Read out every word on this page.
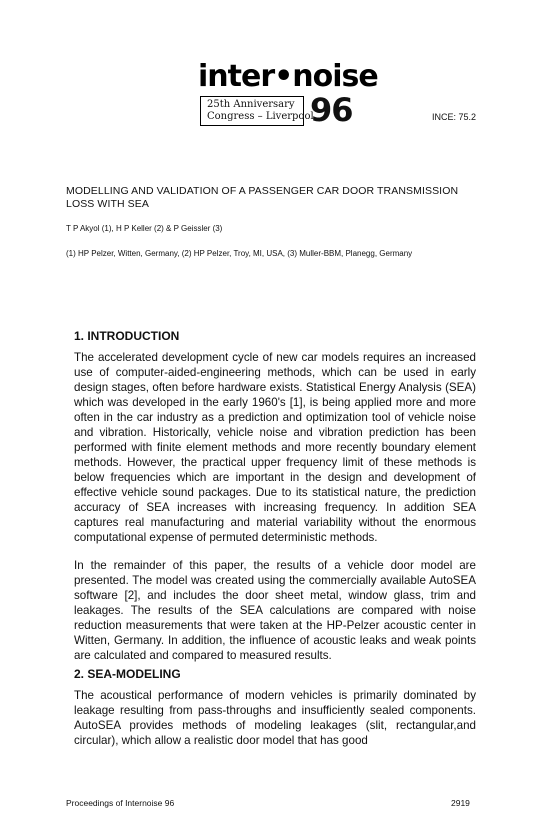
inter•noise
25th Anniversary
Congress – Liverpool
96	INCE: 75.2
MODELLING AND VALIDATION OF A PASSENGER CAR DOOR TRANSMISSION LOSS WITH SEA
T P Akyol (1), H P Keller (2) & P Geissler (3)
(1) HP Pelzer, Witten, Germany, (2) HP Pelzer, Troy, MI, USA, (3) Muller-BBM, Planegg, Germany
1. INTRODUCTION

The accelerated development cycle of new car models requires an increased use of computer-aided-engineering methods, which can be used in early design stages, often before hardware exists. Statistical Energy Analysis (SEA) which was developed in the early 1960's [1], is being applied more and more often in the car industry as a prediction and optimization tool of vehicle noise and vibration. Historically, vehicle noise and vibration prediction has been performed with finite element methods and more recently boundary element methods. However, the practical upper frequency limit of these methods is below frequencies which are important in the design and development of effective vehicle sound packages. Due to its statistical nature, the prediction accuracy of SEA increases with increasing frequency. In addition SEA captures real manufacturing and material variability without the enormous computational expense of permuted deterministic methods.

In the remainder of this paper, the results of a vehicle door model are presented. The model was created using the commercially available AutoSEA software [2], and includes the door sheet metal, window glass, trim and leakages. The results of the SEA calculations are compared with noise reduction measurements that were taken at the HP-Pelzer acoustic center in Witten, Germany. In addition, the influence of acoustic leaks and weak points are calculated and compared to measured results.

2. SEA-MODELING

The acoustical performance of modern vehicles is primarily dominated by leakage resulting from pass-throughs and insufficiently sealed components. AutoSEA provides methods of modeling leakages (slit, rectangular,and circular), which allow a realistic door model that has good

Proceedings of Internoise 96	2919
